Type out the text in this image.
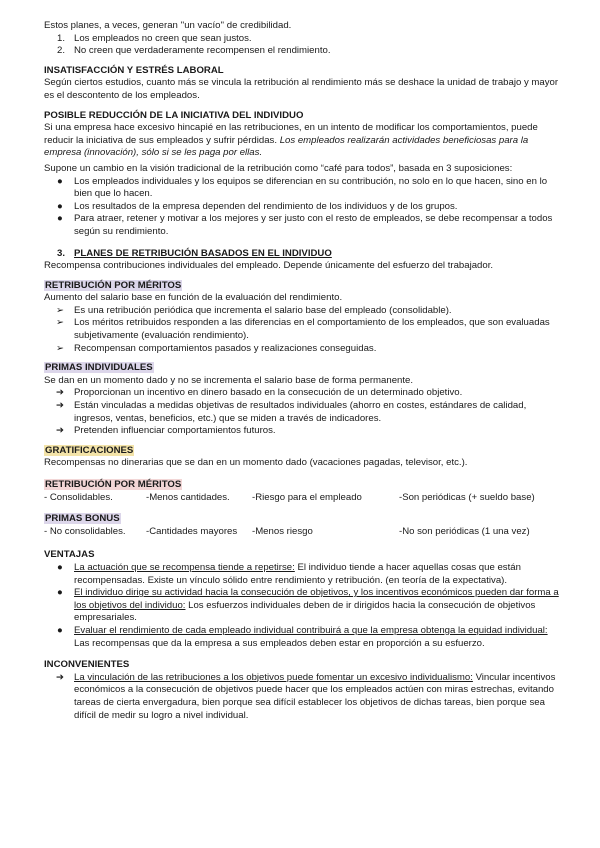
Estos planes, a veces, generan ''un vacío'' de credibilidad.

1. Los empleados no creen que sean justos.
2. No creen que verdaderamente recompensen el rendimiento.

INSATISFACCIÓN Y ESTRÉS LABORAL

Según ciertos estudios, cuanto más se vincula la retribución al rendimiento más se deshace la unidad de trabajo y mayor es el descontento de los empleados.

POSIBLE REDUCCIÓN DE LA INICIATIVA DEL INDIVIDUO

Si una empresa hace excesivo hincapié en las retribuciones, en un intento de modificar los comportamientos, puede reducir la iniciativa de sus empleados y sufrir pérdidas. Los empleados realizarán actividades beneficiosas para la empresa (innovación), sólo si se les paga por ellas.

Supone un cambio en la visión tradicional de la retribución como “café para todos”, basada en 3 suposiciones:

●	Los empleados individuales y los equipos se diferencian en su contribución, no solo en lo que hacen, sino en lo bien que lo hacen.
●	Los resultados de la empresa dependen del rendimiento de los individuos y de los grupos.
●	Para atraer, retener y motivar a los mejores y ser justo con el resto de empleados, se debe recompensar a todos según su rendimiento.
3. PLANES DE RETRIBUCIÓN BASADOS EN EL INDIVIDUO

Recompensa contribuciones individuales del empleado. Depende únicamente del esfuerzo del trabajador.

RETRIBUCIÓN POR MÉRITOS

Aumento del salario base en función de la evaluación del rendimiento.

➢ Es una retribución periódica que incrementa el salario base del empleado (consolidable).
➢ Los méritos retribuidos responden a las diferencias en el comportamiento de los empleados, que son evaluadas subjetivamente (evaluación rendimiento).
➢ Recompensan comportamientos pasados y realizaciones conseguidas.

PRIMAS INDIVIDUALES

Se dan en un momento dado y no se incrementa el salario base de forma permanente.

➔ Proporcionan un incentivo en dinero basado en la consecución de un determinado objetivo.
➔ Están vinculadas a medidas objetivas de resultados individuales (ahorro en costes, estándares de calidad, ingresos, ventas, beneficios, etc.) que se miden a través de indicadores.
➔ Pretenden influenciar comportamientos futuros.

GRATIFICACIONES

Recompensas no dinerarias que se dan en un momento dado (vacaciones pagadas, televisor, etc.).

RETRIBUCIÓN POR MÉRITOS

- Consolidables.	-Menos cantidades.	-Riesgo para el empleado	-Son periódicas (+ sueldo base)

PRIMAS BONUS

- No consolidables.	-Cantidades mayores	-Menos riesgo	-No son periódicas (1 una vez)

VENTAJAS

●	La actuación que se recompensa tiende a repetirse: El individuo tiende a hacer aquellas cosas que están recompensadas. Existe un vínculo sólido entre rendimiento y retribución. (en teoría de la expectativa).
●	El individuo dirige su actividad hacia la consecución de objetivos, y los incentivos económicos pueden dar forma a los objetivos del individuo: Los esfuerzos individuales deben de ir dirigidos hacia la consecución de objetivos empresariales.
●	Evaluar el rendimiento de cada empleado individual contribuirá a que la empresa obtenga la equidad individual: Las recompensas que da la empresa a sus empleados deben estar en proporción a su esfuerzo.

INCONVENIENTES

➔ La vinculación de las retribuciones a los objetivos puede fomentar un excesivo individualismo: Vincular incentivos económicos a la consecución de objetivos puede hacer que los empleados actúen con miras estrechas, evitando tareas de cierta envergadura, bien porque sea difícil establecer los objetivos de dichas tareas, bien porque sea difícil de medir su logro a nivel individual.
